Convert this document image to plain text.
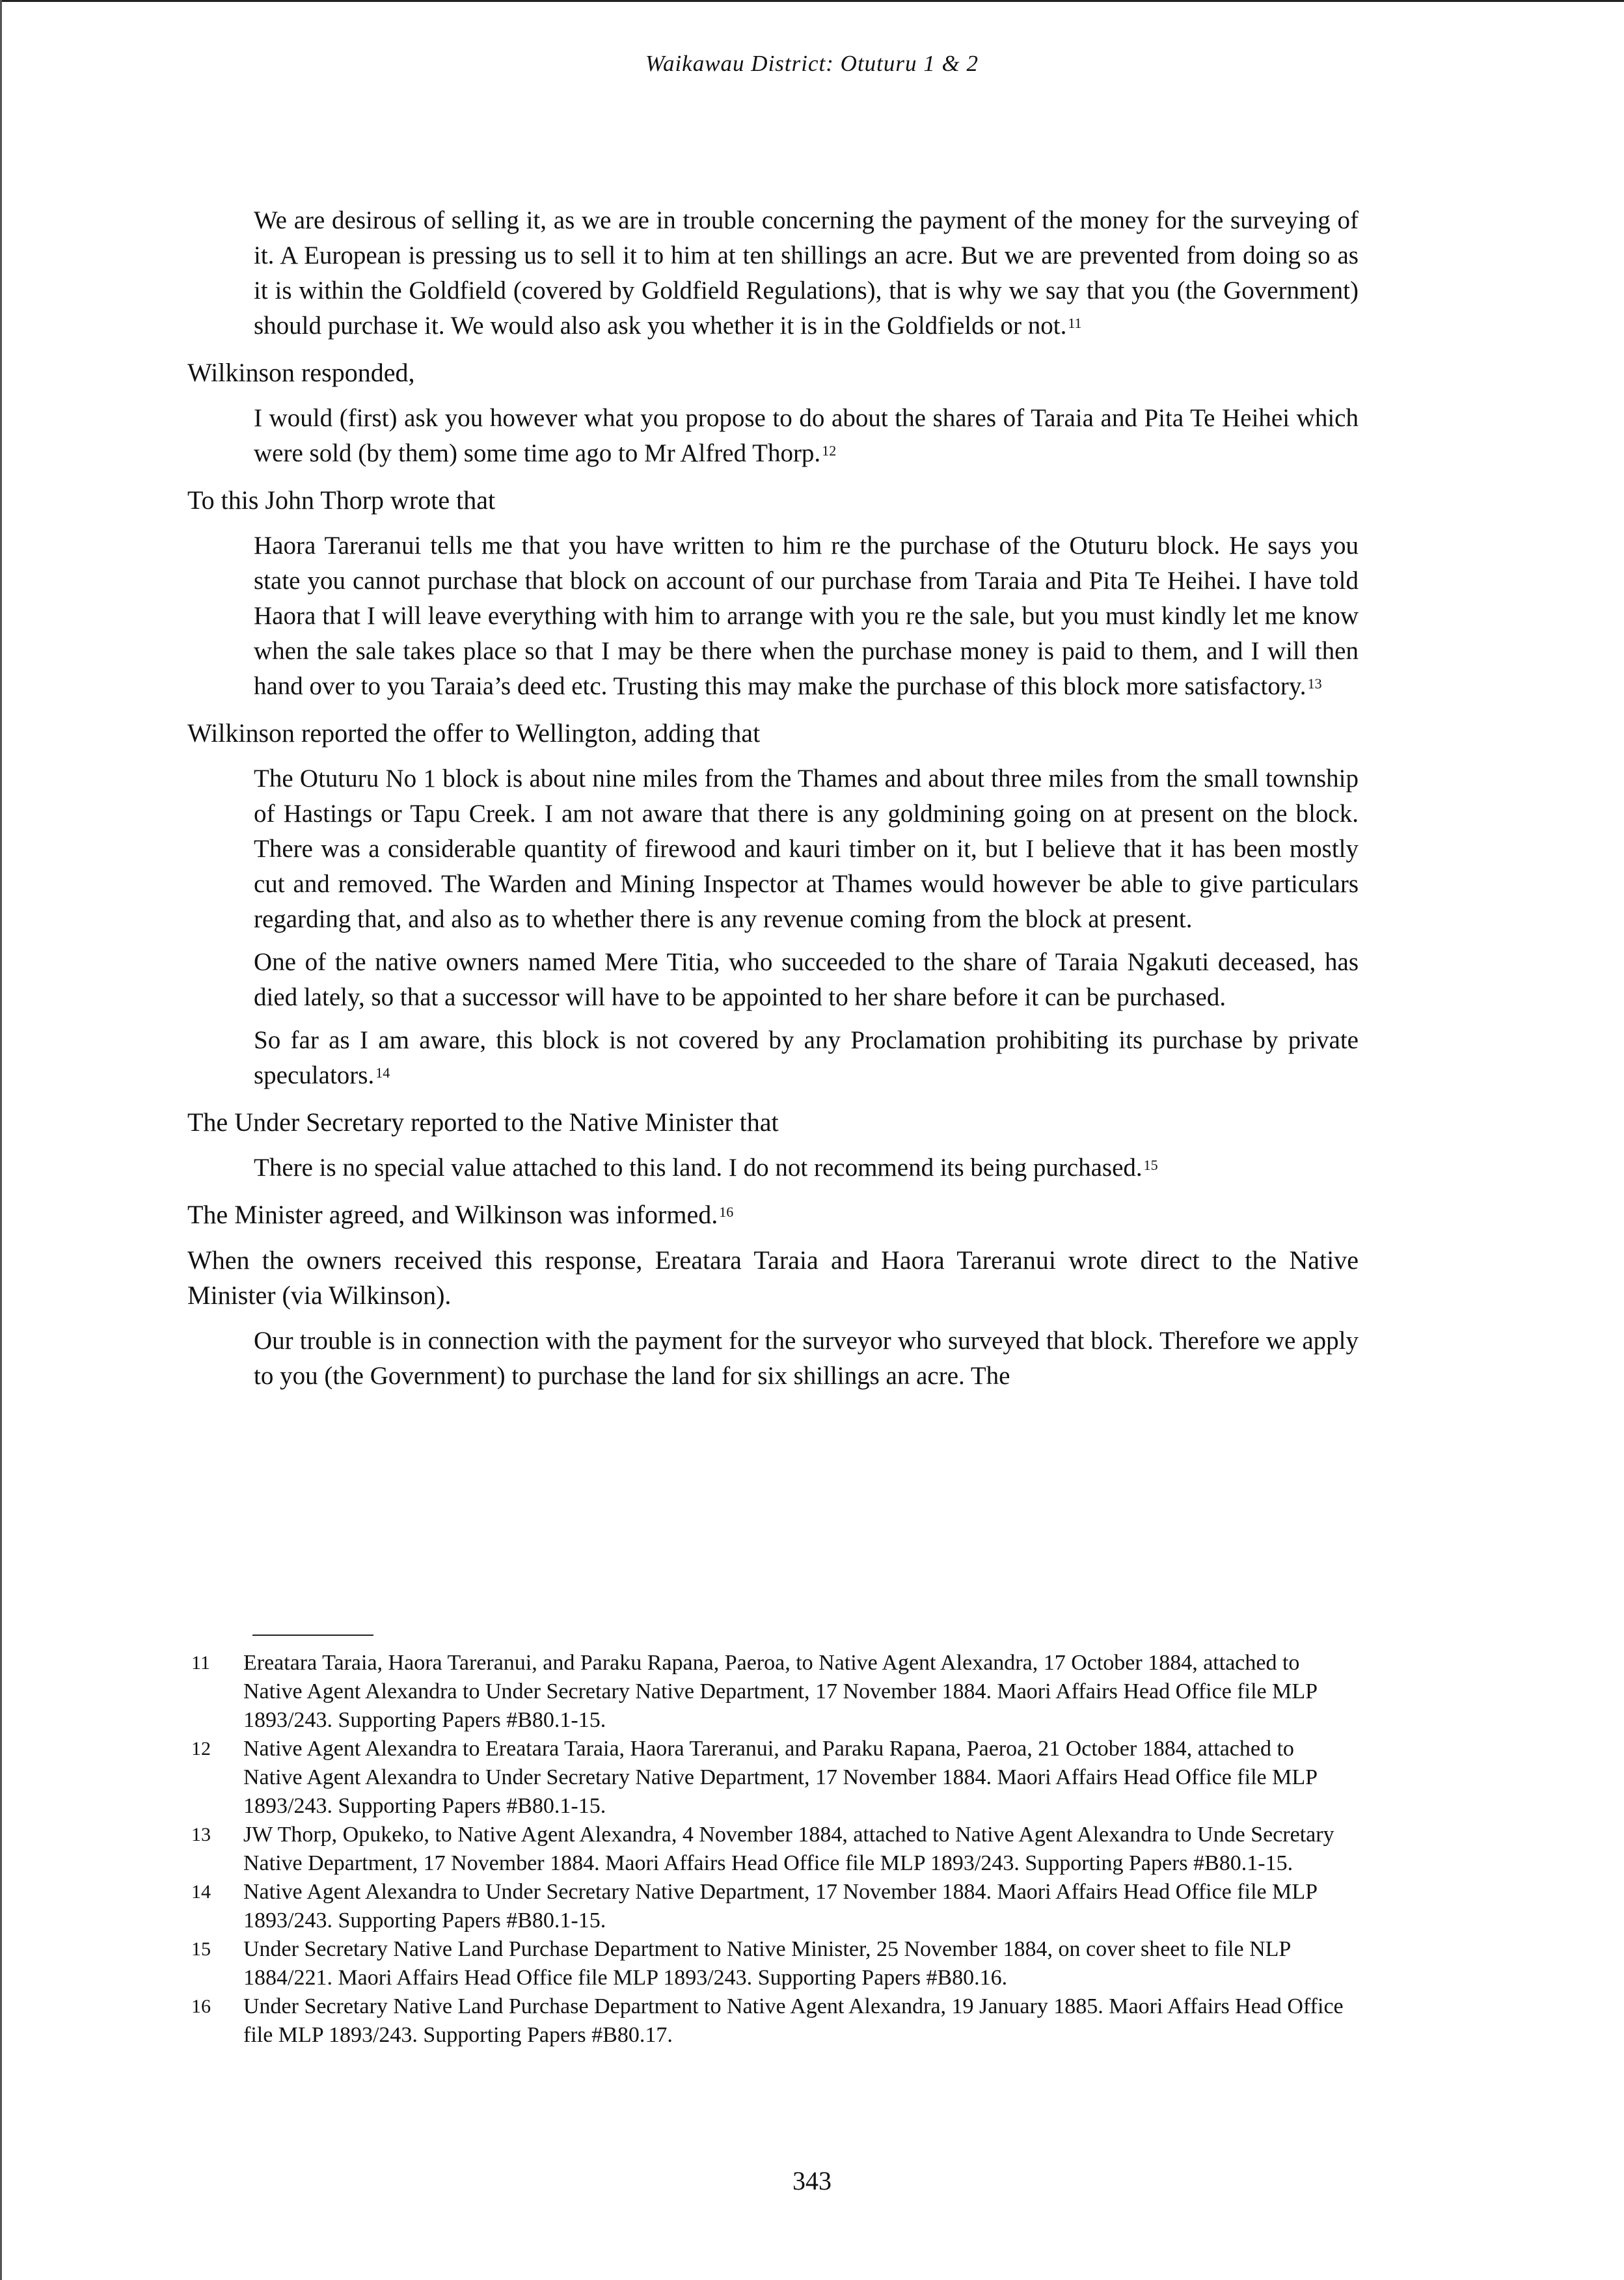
Waikawau District: Otuturu 1 & 2

We are desirous of selling it, as we are in trouble concerning the payment of the money for the surveying of it. A European is pressing us to sell it to him at ten shillings an acre. But we are prevented from doing so as it is within the Goldfield (covered by Goldfield Regulations), that is why we say that you (the Government) should purchase it. We would also ask you whether it is in the Goldfields or not.$^{11}$

Wilkinson responded,

I would (first) ask you however what you propose to do about the shares of Taraia and Pita Te Heihei which were sold (by them) some time ago to Mr Alfred Thorp.$^{12}$

To this John Thorp wrote that

Haora Tareranui tells me that you have written to him re the purchase of the Otuturu block. He says you state you cannot purchase that block on account of our purchase from Taraia and Pita Te Heihei. I have told Haora that I will leave everything with him to arrange with you re the sale, but you must kindly let me know when the sale takes place so that I may be there when the purchase money is paid to them, and I will then hand over to you Taraia’s deed etc. Trusting this may make the purchase of this block more satisfactory.$^{13}$

Wilkinson reported the offer to Wellington, adding that

The Otuturu No 1 block is about nine miles from the Thames and about three miles from the small township of Hastings or Tapu Creek. I am not aware that there is any goldmining going on at present on the block. There was a considerable quantity of firewood and kauri timber on it, but I believe that it has been mostly cut and removed. The Warden and Mining Inspector at Thames would however be able to give particulars regarding that, and also as to whether there is any revenue coming from the block at present.

One of the native owners named Mere Titia, who succeeded to the share of Taraia Ngakuti deceased, has died lately, so that a successor will have to be appointed to her share before it can be purchased.

So far as I am aware, this block is not covered by any Proclamation prohibiting its purchase by private speculators.$^{14}$

The Under Secretary reported to the Native Minister that

There is no special value attached to this land. I do not recommend its being purchased.$^{15}$

The Minister agreed, and Wilkinson was informed.$^{16}$

When the owners received this response, Ereatara Taraia and Haora Tareranui wrote direct to the Native Minister (via Wilkinson).

Our trouble is in connection with the payment for the surveyor who surveyed that block. Therefore we apply to you (the Government) to purchase the land for six shillings an acre. The

11	Ereatara Taraia, Haora Tareranui, and Paraku Rapana, Paeroa, to Native Agent Alexandra, 17 October 1884, attached to Native Agent Alexandra to Under Secretary Native Department, 17 November 1884. Maori Affairs Head Office file MLP 1893/243. Supporting Papers #B80.1-15.
12	Native Agent Alexandra to Ereatara Taraia, Haora Tareranui, and Paraku Rapana, Paeroa, 21 October 1884, attached to Native Agent Alexandra to Under Secretary Native Department, 17 November 1884. Maori Affairs Head Office file MLP 1893/243. Supporting Papers #B80.1-15.
13	JW Thorp, Opukeko, to Native Agent Alexandra, 4 November 1884, attached to Native Agent Alexandra to Unde Secretary Native Department, 17 November 1884. Maori Affairs Head Office file MLP 1893/243. Supporting Papers #B80.1-15.
14	Native Agent Alexandra to Under Secretary Native Department, 17 November 1884. Maori Affairs Head Office file MLP 1893/243. Supporting Papers #B80.1-15.
15	Under Secretary Native Land Purchase Department to Native Minister, 25 November 1884, on cover sheet to file NLP 1884/221. Maori Affairs Head Office file MLP 1893/243. Supporting Papers #B80.16.
16	Under Secretary Native Land Purchase Department to Native Agent Alexandra, 19 January 1885. Maori Affairs Head Office file MLP 1893/243. Supporting Papers #B80.17.
343
